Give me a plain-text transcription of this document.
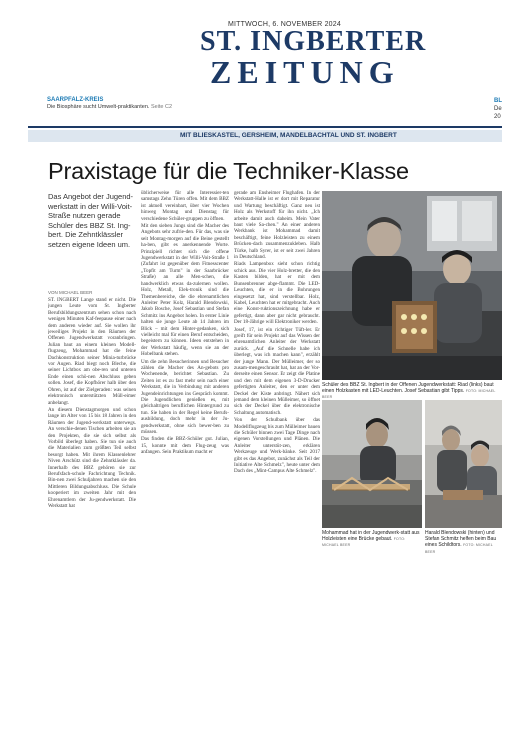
MITTWOCH, 6. NOVEMBER 2024
ST. INGBERTER
ZEITUNG
SAARPFALZ-KREIS
Die Biosphäre sucht Umwelt-praktikanten. Seite C2
BL
De
20
MIT BLIESKASTEL, GERSHEIM, MANDELBACHTAL UND ST. INGBERT
Praxistage für die Techniker-Klasse
Das Angebot der Jugend-werkstatt in der Willi-Voit-Straße nutzen gerade Schüler des BBZ St. Ing-bert. Die Zehntklässler setzen eigene Ideen um.
VON MICHAEL BEER

ST. INGBERT Lange stand er nicht. Die jungen Leute vom St. Ingberter Berufsbildungszentrum sehen schon nach wenigen Minuten Kaf-feepause einer nach dem anderen wieder auf. Sie wollen ihr jeweiliges Projekt in den Räumen der Offenen Jugendwerkstatt voranbringen. Julian baut an einem kleinen Modell-flugzeug, Mohammad hat die feine Dachkonstruktion seiner Minia-turbrücke vor Augen. Riad biegt noch Bleche, die seiner Lichtbox am obe-ren und unteren Ende einen schö-nen Abschluss geben sollen. Josef, die Kopfhörer halb über den Ohren, ist auf der Zielgeraden: was seinen elektronisch unterstützten Müll-eimer anbelangt.

An diesem Dienstagmorgen und schon lange im Alter von 15 bis 18 Jahren in den Räumen der Jugend-werkstatt unterwegs. An verschie-denen Tischen arbeiten sie an den Projekten, die sie sich selbst als Vorbild überlegt haben. Sie tun sie auch die Materialien zum größten Teil selbst besorgt haben. Mit ihrem Klassenlehrer Niven Arschütz sind die Zehntklässler da. Innerhalb des BBZ gehören sie zur Berufsfach-schule Fachrichtung Technik. Bin-nen zwei Schuljahren machen sie den Mittleren Bildungsabschluss. Die Schule kooperiert im zweiten Jahr mit den Ehrenamtlern der Ju-gendwerkstatt. Die Werkstatt hat

üblicherweise für alle Interessier-ten samstags Zehn Türen offen. Mit dem BBZ ist aktuell vereinbart, über vier Wochen hinweg Montag und Dienstag für verschiedene Schüler-gruppen zu öffnen.

Mit den sieben Jungs sind die Macher des Angebots sehr zufrie-den. Für das, was sie seit Montag-morgen auf die Beine gestellt ha-ben, gibt es anerkennende Worte. Prinzipiell richtet sich die offene Jugendwerkstatt in der Willi-Voit-Straße 1 (Zufahrt ist gegenüber dem Fitnesscenter „Topfit am Turm" in der Saarbrücker Straße) an alle Men-schen, die handwerklich etwas da-zulernen wollen. Holz, Metall, Elek-tronik sind die Themenbereiche, die die ehrenamtlichen Anleiter Peter Kolz, Harald Blendowski, Jakob Bosche, Josef Sebastian und Stefan Schmitz ins Angebot holen. In erster Linie halten sie junge Leute ab 14 Jahren im Blick – mit dem Hinter-gedanken, sich vielleicht mal für einen Beruf entscheiden, begeistern zu können. Ideen entstehen in der Werkstatt häufig, wenn sie an der Hobelbank stehen.

Um die zehn Besucherinnen und Besucher zählen die Macher des An-gebots pro Wochenende, berichtet Sebastian. Zu Zeiten ist es zu fast mehr sein nach einer Werkstatt, die in Verbindung mit anderen Jugendeinrichtungen ins Gespräch kommt. Die Jugendlichen genießen es, mit gleichaltrigen beruflichen Hintergrund zu tun. Sie haben in der Regel keine Berufs-ausbildung, doch mehr in der Ju-gendwerkstatt, ohne sich bewer-ben zu müssen.

Das finden die BBZ-Schüler gut. Julian, 15, konnte mit dem Flug-zeug was anfangen. Sein Praktikum macht er

gerade am Ensheimer Flughafen. In der Werkstatt-Halle ist er dort mit Reparatur und Wartung beschäftigt. Ganz neu ist Holz als Werkstoff für ihn nicht. „Ich arbeite damit auch daheim. Mein Vater baut viele Sa-chen." An einer anderen Werkbank ist Mohammad damit beschäftigt, feine Holzleisten zu einem Brücken-dach zusammenzukleben. Halb Türke, halb Syrer, ist er seit zwei Jahren in Deutschland.

Riads Lampenbox sieht schon richtig schick aus. Die vier Holz-bretter, die den Kasten bilden, hat er mit dem Bunsenbrenner abge-flammt. Die LED-Leuchten, die er in die Bohrungen eingesetzt hat, sind verstellbar. Holz, Kabel, Leuchten hat er mitgebracht. Auch eine Konst-ruktionszeichnung habe er gefertigt, dann aber gar nicht gebraucht. Der 18-Jährige will Elektroniker werden.

Josef, 17, ist ein richtiger Tüft-ler. Er greift für sein Projekt auf das Wissen der ehrenamtlichen Anleiter der Werkstatt zurück. „Auf die Schnelle habe ich überlegt, was ich machen kann", erzählt der junge Mann. Der Mülleimer, der so zusam-mengeschraubt hat, hat an der Vor-derseite einen Sensor. Er zeigt die Platine und den mit dem eigenen 3-D-Drucker gefertigten Anleiter, den er unter dem Deckel der Kiste anbringt. Nähert sich jemand dem kleinen Mülleimer, so öffnet sich der Deckel über die elektronische Schaltung automatisch.

Von der Schulbank über das Modellflugzeug bis zum Mülleimer bauen die Schüler binnen zwei Tage Dinge nach eigenen Vorstellungen und Plänen. Die Anleiter unterstüt-zen, erklären Werkzeuge und Werk-bänke. Seit 2017 gibt es das Angebot, zunächst als Teil der Initiative Alte Schmelz", heute unter dem Dach des „Mint-Campus Alte Schmelz".

Schüler des BBZ St. Ingbert in der Offenen Jugendwerkstatt: Riad (links) baut einen Holzkasten mit LED-Leuchten. Josef Sebastian gibt Tipps. FOTO: MICHAEL BEER
Mohammad hat in der Jugendwerk-statt aus Holzleisten eine Brücke gebaut. FOTO: MICHAEL BEER
Harald Blendowski (hinten) und Stefan Schmitz helfen beim Bau eines Schildtors. FOTO: MICHAEL BEER
